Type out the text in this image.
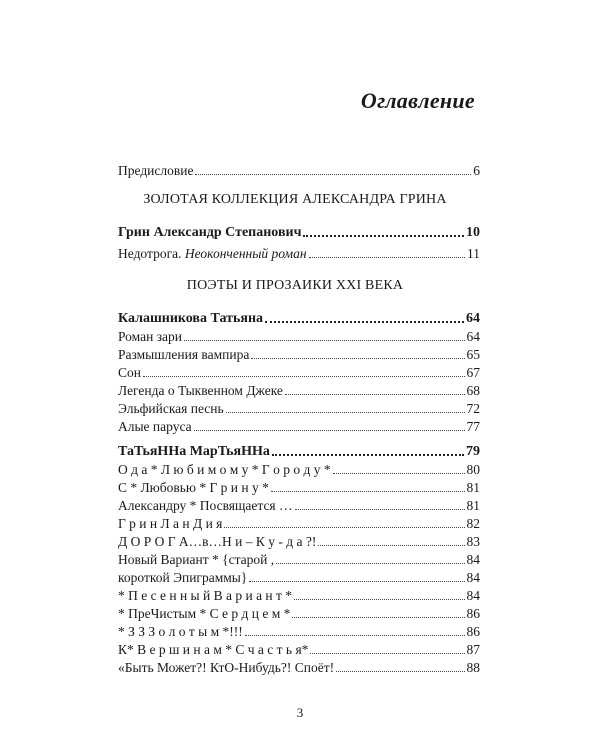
Оглавление
Предисловие	6
ЗОЛОТАЯ КОЛЛЕКЦИЯ АЛЕКСАНДРА ГРИНА
Грин Александр Степанович	10
Недотрога. Неоконченный роман	11
ПОЭТЫ И ПРОЗАИКИ XXI ВЕКА
Калашникова Татьяна	64
Роман зари	64
Размышления вампира	65
Сон	67
Легенда о Тыквенном Джеке	68
Эльфийская песнь	72
Алые паруса	77
ТаТьяННа МарТьяННа	79
О д а * Л ю б и м о м у * Г о р о д у *	80
С * Любовью * Г р и н у *	81
Александру * Посвящается …	81
Г р и н Л а н Д и я	82
Д О Р О Г А…в…Н и – К у - д а ?!	83
Новый Вариант * {старой ,	84
короткой Эпиграммы}	84
* П е с е н н ы й В а р и а н т *	84
* ПреЧистым * С е р д ц е м *	86
* З З З о л о т ы м *!!!	86
К* В е р ш и н а м * С ч а с т ь я*	87
«Быть Может?! КтО-Нибудь?! Споёт!	88
3
